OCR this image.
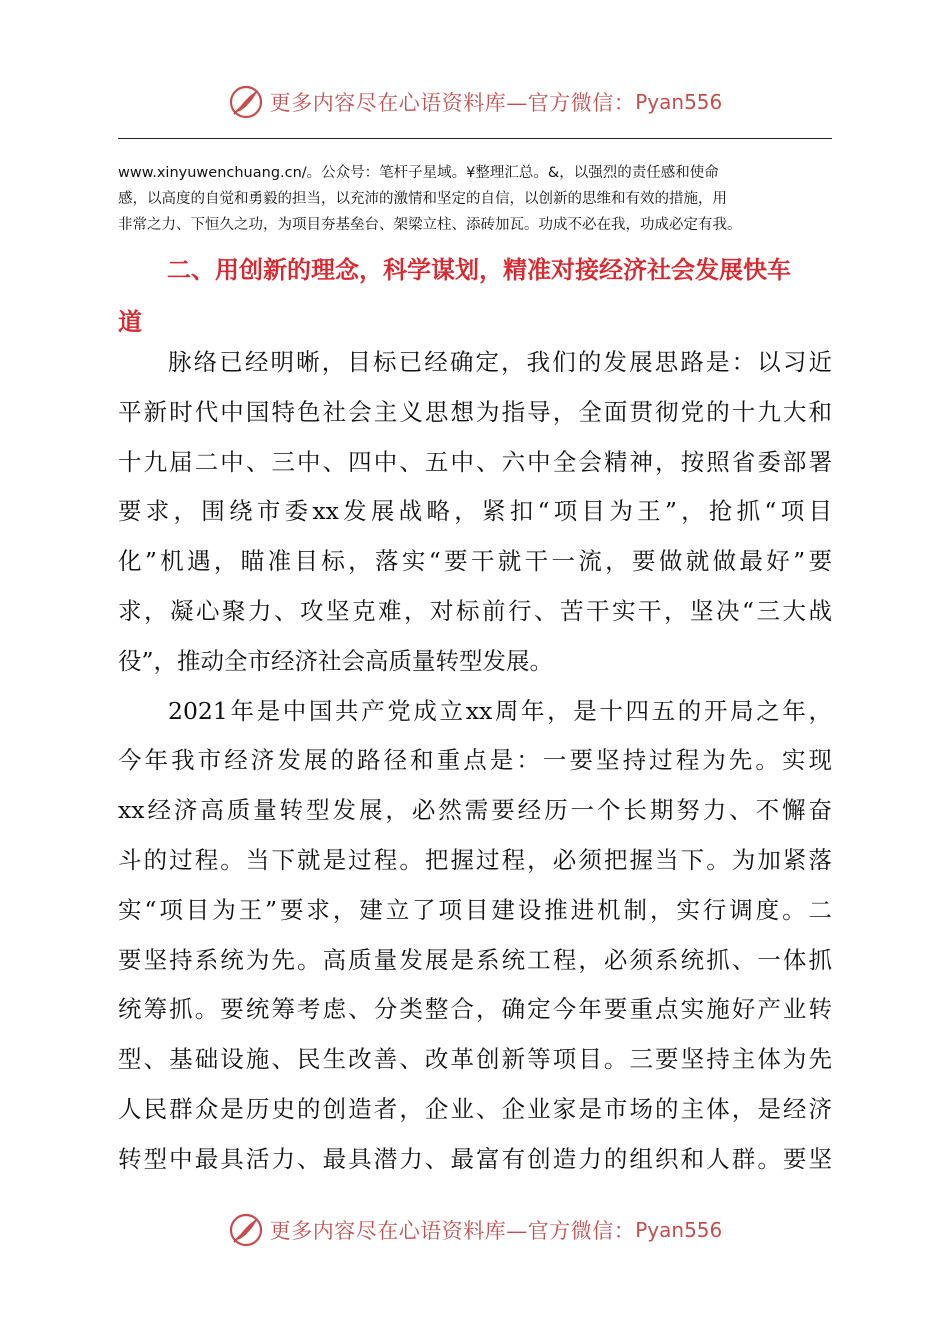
更多内容尽在心语资料库—官方微信： Pyan556

www.xinyuwenchuang.cn/。公众号：笔杆子星域。¥整理汇总。&，以强烈的责任感和使命

感，以高度的自觉和勇毅的担当，以充沛的激情和坚定的自信，以创新的思维和有效的措施，用

非常之力、下恒久之功，为项目夯基垒台、架梁立柱、添砖加瓦。功成不必在我，功成必定有我。

二、用创新的理念，科学谋划，精准对接经济社会发展快车

道

脉络已经明晰，目标已经确定，我们的发展思路是：以习近

平新时代中国特色社会主义思想为指导，全面贯彻党的十九大和

十九届二中、三中、四中、五中、六中全会精神，按照省委部署

要求，围绕市委xx发展战略，紧扣“项目为王”，抢抓“项目

化”机遇，瞄准目标，落实“要干就干一流，要做就做最好”要

求，凝心聚力、攻坚克难，对标前行、苦干实干，坚决“三大战

役”，推动全市经济社会高质量转型发展。

2021年是中国共产党成立xx周年，是十四五的开局之年，

今年我市经济发展的路径和重点是：一要坚持过程为先。实现

xx经济高质量转型发展，必然需要经历一个长期努力、不懈奋

斗的过程。当下就是过程。把握过程，必须把握当下。为加紧落

实“项目为王”要求，建立了项目建设推进机制，实行调度。二

要坚持系统为先。高质量发展是系统工程，必须系统抓、一体抓

统筹抓。要统筹考虑、分类整合，确定今年要重点实施好产业转

型、基础设施、民生改善、改革创新等项目。三要坚持主体为先

人民群众是历史的创造者，企业、企业家是市场的主体，是经济

转型中最具活力、最具潜力、最富有创造力的组织和人群。要坚

更多内容尽在心语资料库—官方微信： Pyan556
